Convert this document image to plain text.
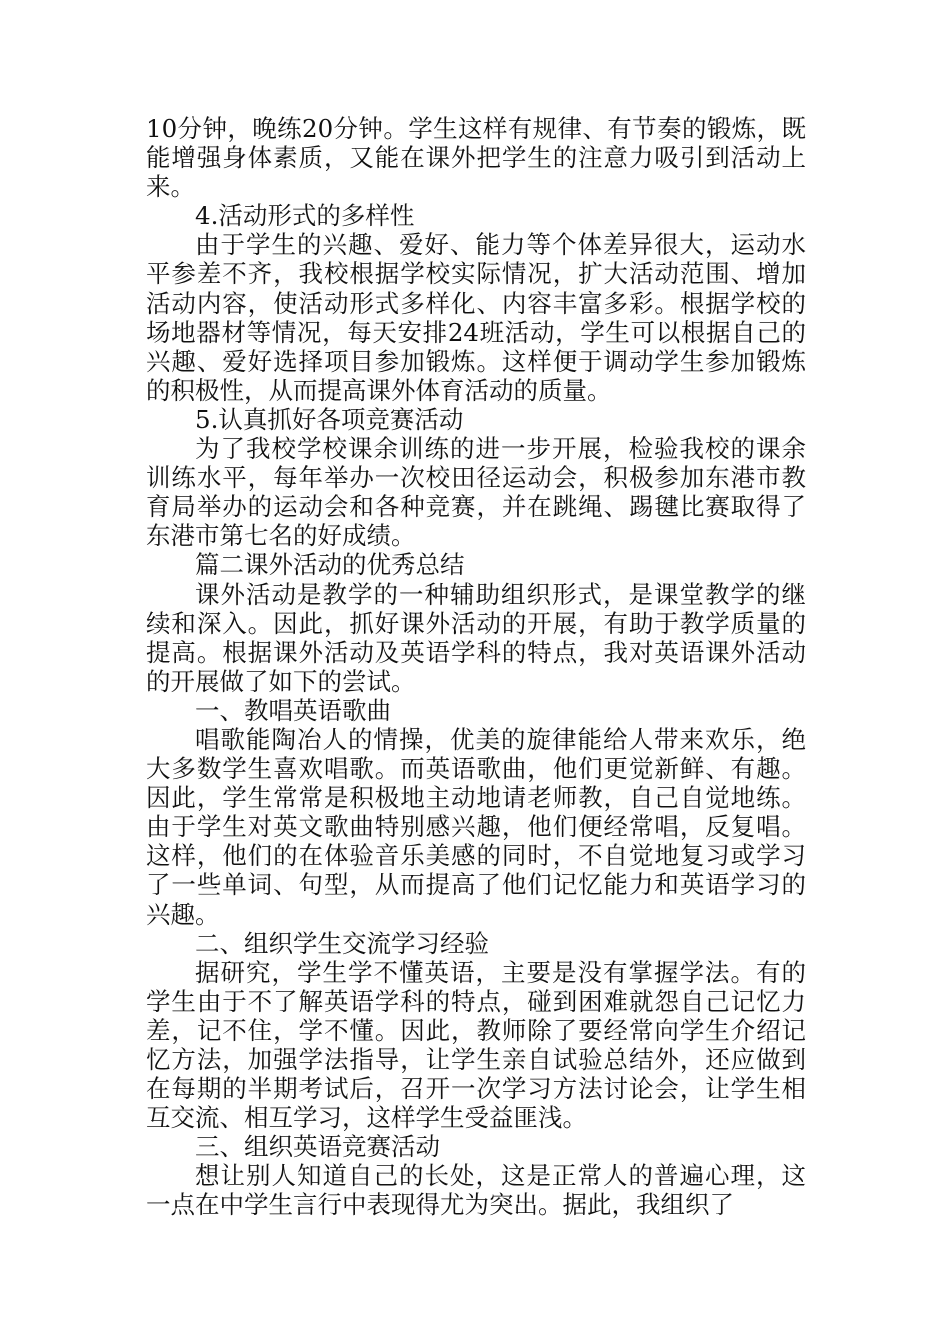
10分钟，晚练20分钟。学生这样有规律、有节奏的锻炼，既能增强身体素质，又能在课外把学生的注意力吸引到活动上来。

4.活动形式的多样性

由于学生的兴趣、爱好、能力等个体差异很大，运动水平参差不齐，我校根据学校实际情况，扩大活动范围、增加活动内容，使活动形式多样化、内容丰富多彩。根据学校的场地器材等情况，每天安排24班活动，学生可以根据自己的兴趣、爱好选择项目参加锻炼。这样便于调动学生参加锻炼的积极性，从而提高课外体育活动的质量。

5.认真抓好各项竞赛活动

为了我校学校课余训练的进一步开展，检验我校的课余训练水平，每年举办一次校田径运动会，积极参加东港市教育局举办的运动会和各种竞赛，并在跳绳、踢毽比赛取得了东港市第七名的好成绩。

篇二课外活动的优秀总结

课外活动是教学的一种辅助组织形式，是课堂教学的继续和深入。因此，抓好课外活动的开展，有助于教学质量的提高。根据课外活动及英语学科的特点，我对英语课外活动的开展做了如下的尝试。

一、教唱英语歌曲

唱歌能陶冶人的情操，优美的旋律能给人带来欢乐，绝大多数学生喜欢唱歌。而英语歌曲，他们更觉新鲜、有趣。因此，学生常常是积极地主动地请老师教，自己自觉地练。由于学生对英文歌曲特别感兴趣，他们便经常唱，反复唱。这样，他们的在体验音乐美感的同时，不自觉地复习或学习了一些单词、句型，从而提高了他们记忆能力和英语学习的兴趣。

二、组织学生交流学习经验

据研究，学生学不懂英语，主要是没有掌握学法。有的学生由于不了解英语学科的特点，碰到困难就怨自己记忆力差，记不住，学不懂。因此，教师除了要经常向学生介绍记忆方法，加强学法指导，让学生亲自试验总结外，还应做到在每期的半期考试后，召开一次学习方法讨论会，让学生相互交流、相互学习，这样学生受益匪浅。

三、组织英语竞赛活动

想让别人知道自己的长处，这是正常人的普遍心理，这一点在中学生言行中表现得尤为突出。据此，我组织了
